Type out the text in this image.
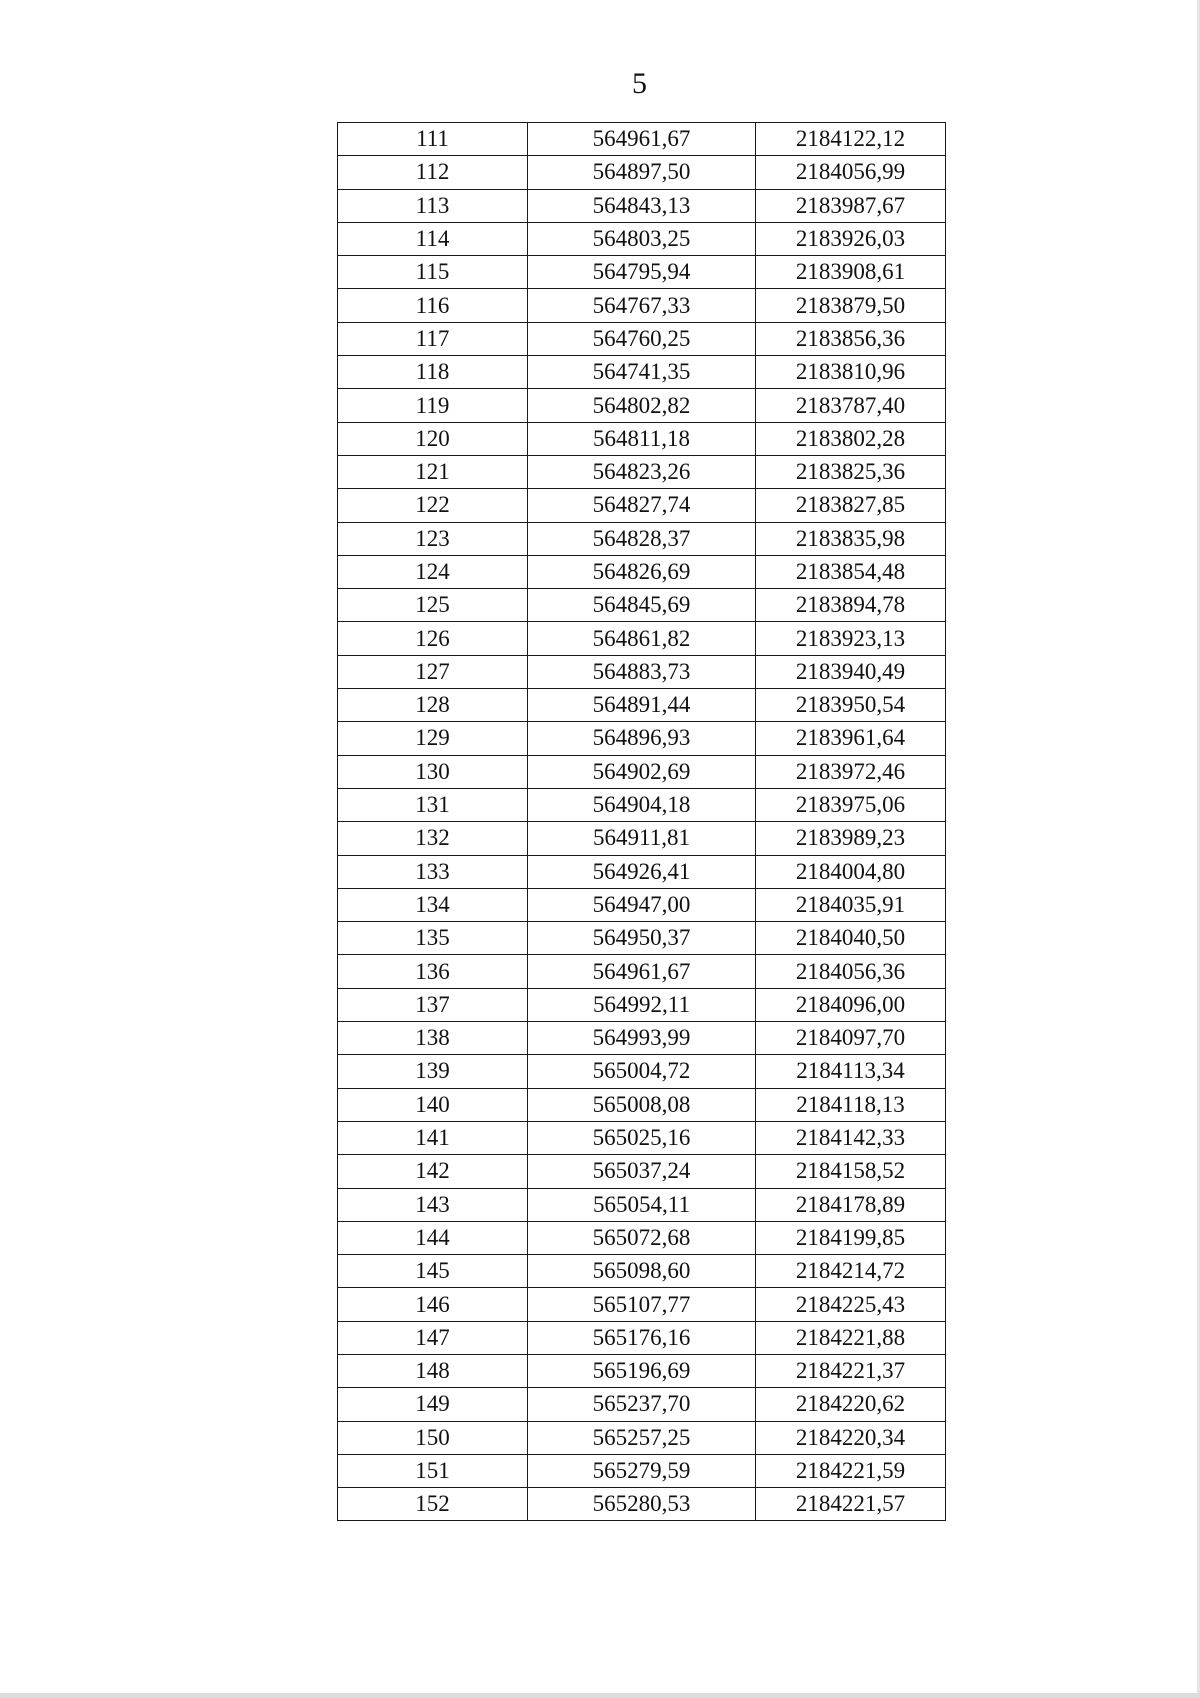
5
111	564961,67	2184122,12
112	564897,50	2184056,99
113	564843,13	2183987,67
114	564803,25	2183926,03
115	564795,94	2183908,61
116	564767,33	2183879,50
117	564760,25	2183856,36
118	564741,35	2183810,96
119	564802,82	2183787,40
120	564811,18	2183802,28
121	564823,26	2183825,36
122	564827,74	2183827,85
123	564828,37	2183835,98
124	564826,69	2183854,48
125	564845,69	2183894,78
126	564861,82	2183923,13
127	564883,73	2183940,49
128	564891,44	2183950,54
129	564896,93	2183961,64
130	564902,69	2183972,46
131	564904,18	2183975,06
132	564911,81	2183989,23
133	564926,41	2184004,80
134	564947,00	2184035,91
135	564950,37	2184040,50
136	564961,67	2184056,36
137	564992,11	2184096,00
138	564993,99	2184097,70
139	565004,72	2184113,34
140	565008,08	2184118,13
141	565025,16	2184142,33
142	565037,24	2184158,52
143	565054,11	2184178,89
144	565072,68	2184199,85
145	565098,60	2184214,72
146	565107,77	2184225,43
147	565176,16	2184221,88
148	565196,69	2184221,37
149	565237,70	2184220,62
150	565257,25	2184220,34
151	565279,59	2184221,59
152	565280,53	2184221,57
